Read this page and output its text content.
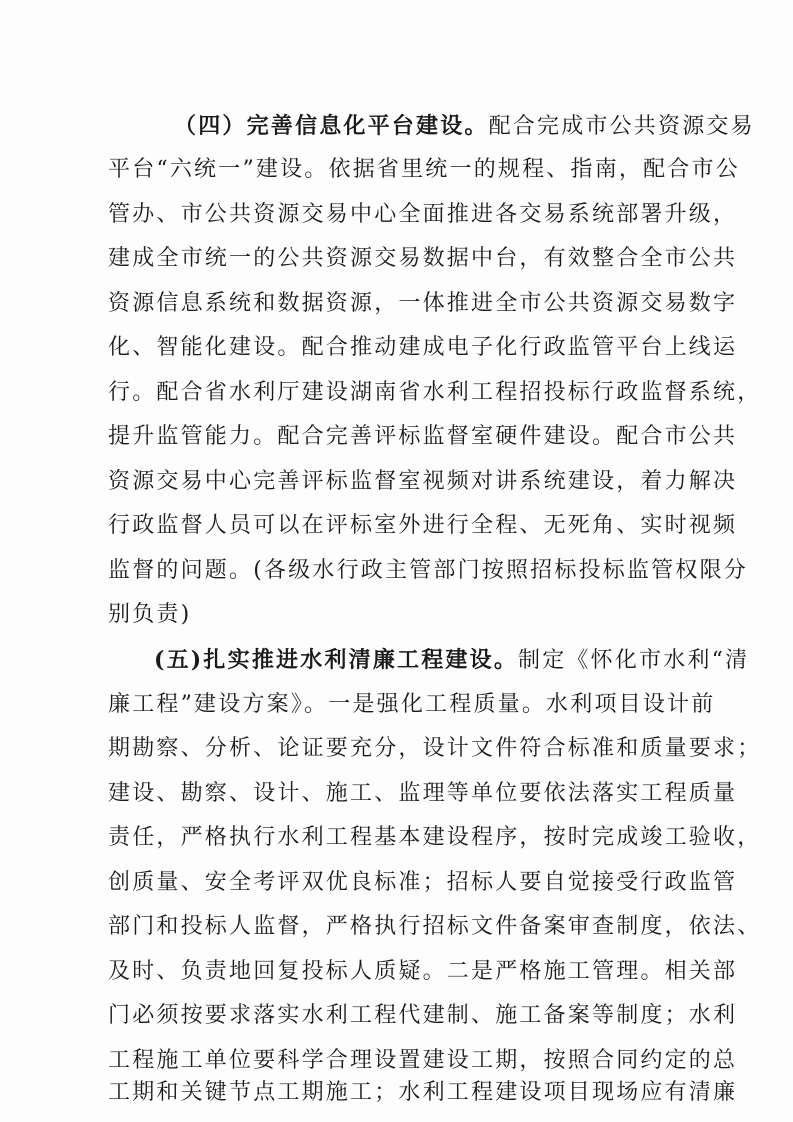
（四）完善信息化平台建设。配合完成市公共资源交易
平台“六统一”建设。依据省里统一的规程、指南，配合市公
管办、市公共资源交易中心全面推进各交易系统部署升级，
建成全市统一的公共资源交易数据中台，有效整合全市公共
资源信息系统和数据资源，一体推进全市公共资源交易数字
化、智能化建设。配合推动建成电子化行政监管平台上线运
行。配合省水利厅建设湖南省水利工程招投标行政监督系统，
提升监管能力。配合完善评标监督室硬件建设。配合市公共
资源交易中心完善评标监督室视频对讲系统建设，着力解决
行政监督人员可以在评标室外进行全程、无死角、实时视频
监督的问题。(各级水行政主管部门按照招标投标监管权限分
别负责)
(五)扎实推进水利清廉工程建设。制定《怀化市水利“清
廉工程”建设方案》。一是强化工程质量。水利项目设计前
期勘察、分析、论证要充分，设计文件符合标准和质量要求；
建设、勘察、设计、施工、监理等单位要依法落实工程质量
责任，严格执行水利工程基本建设程序，按时完成竣工验收，
创质量、安全考评双优良标准；招标人要自觉接受行政监管
部门和投标人监督，严格执行招标文件备案审查制度，依法、
及时、负责地回复投标人质疑。二是严格施工管理。相关部
门必须按要求落实水利工程代建制、施工备案等制度；水利
工程施工单位要科学合理设置建设工期，按照合同约定的总
工期和关键节点工期施工；水利工程建设项目现场应有清廉
